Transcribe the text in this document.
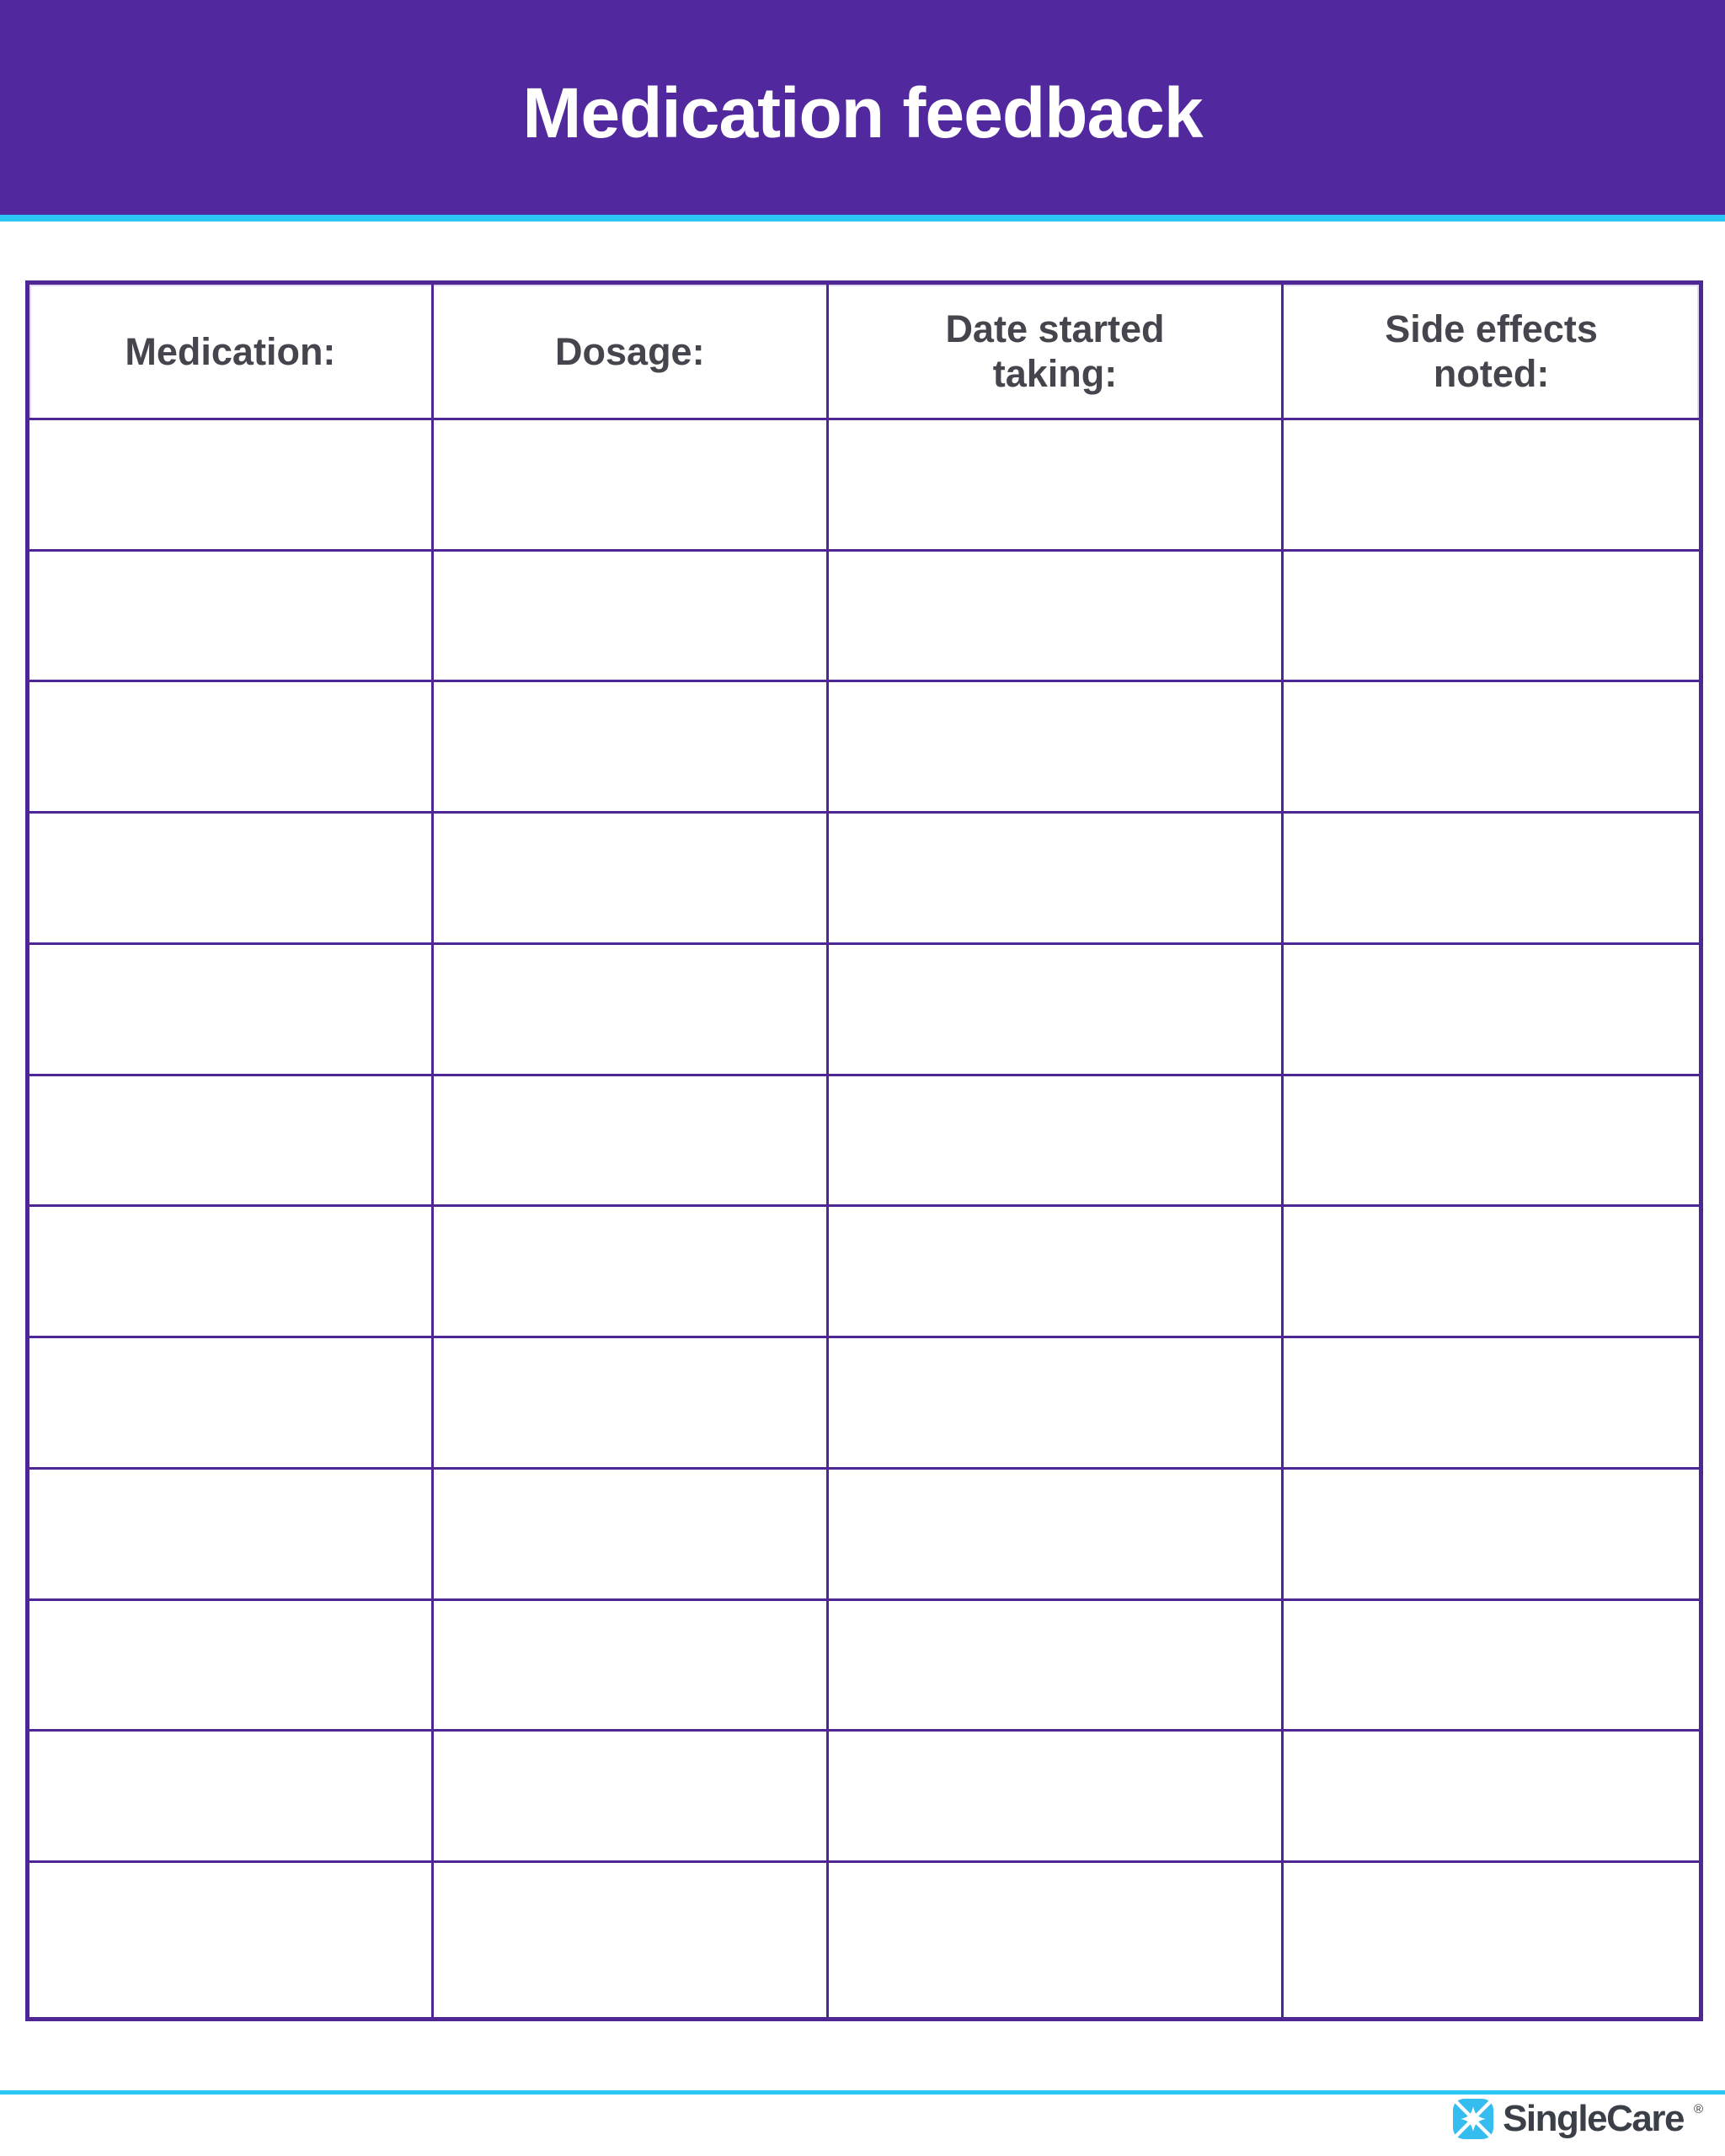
Medication feedback
Medication:	Dosage:	Date started taking:	Side effects noted:

SingleCare ®
